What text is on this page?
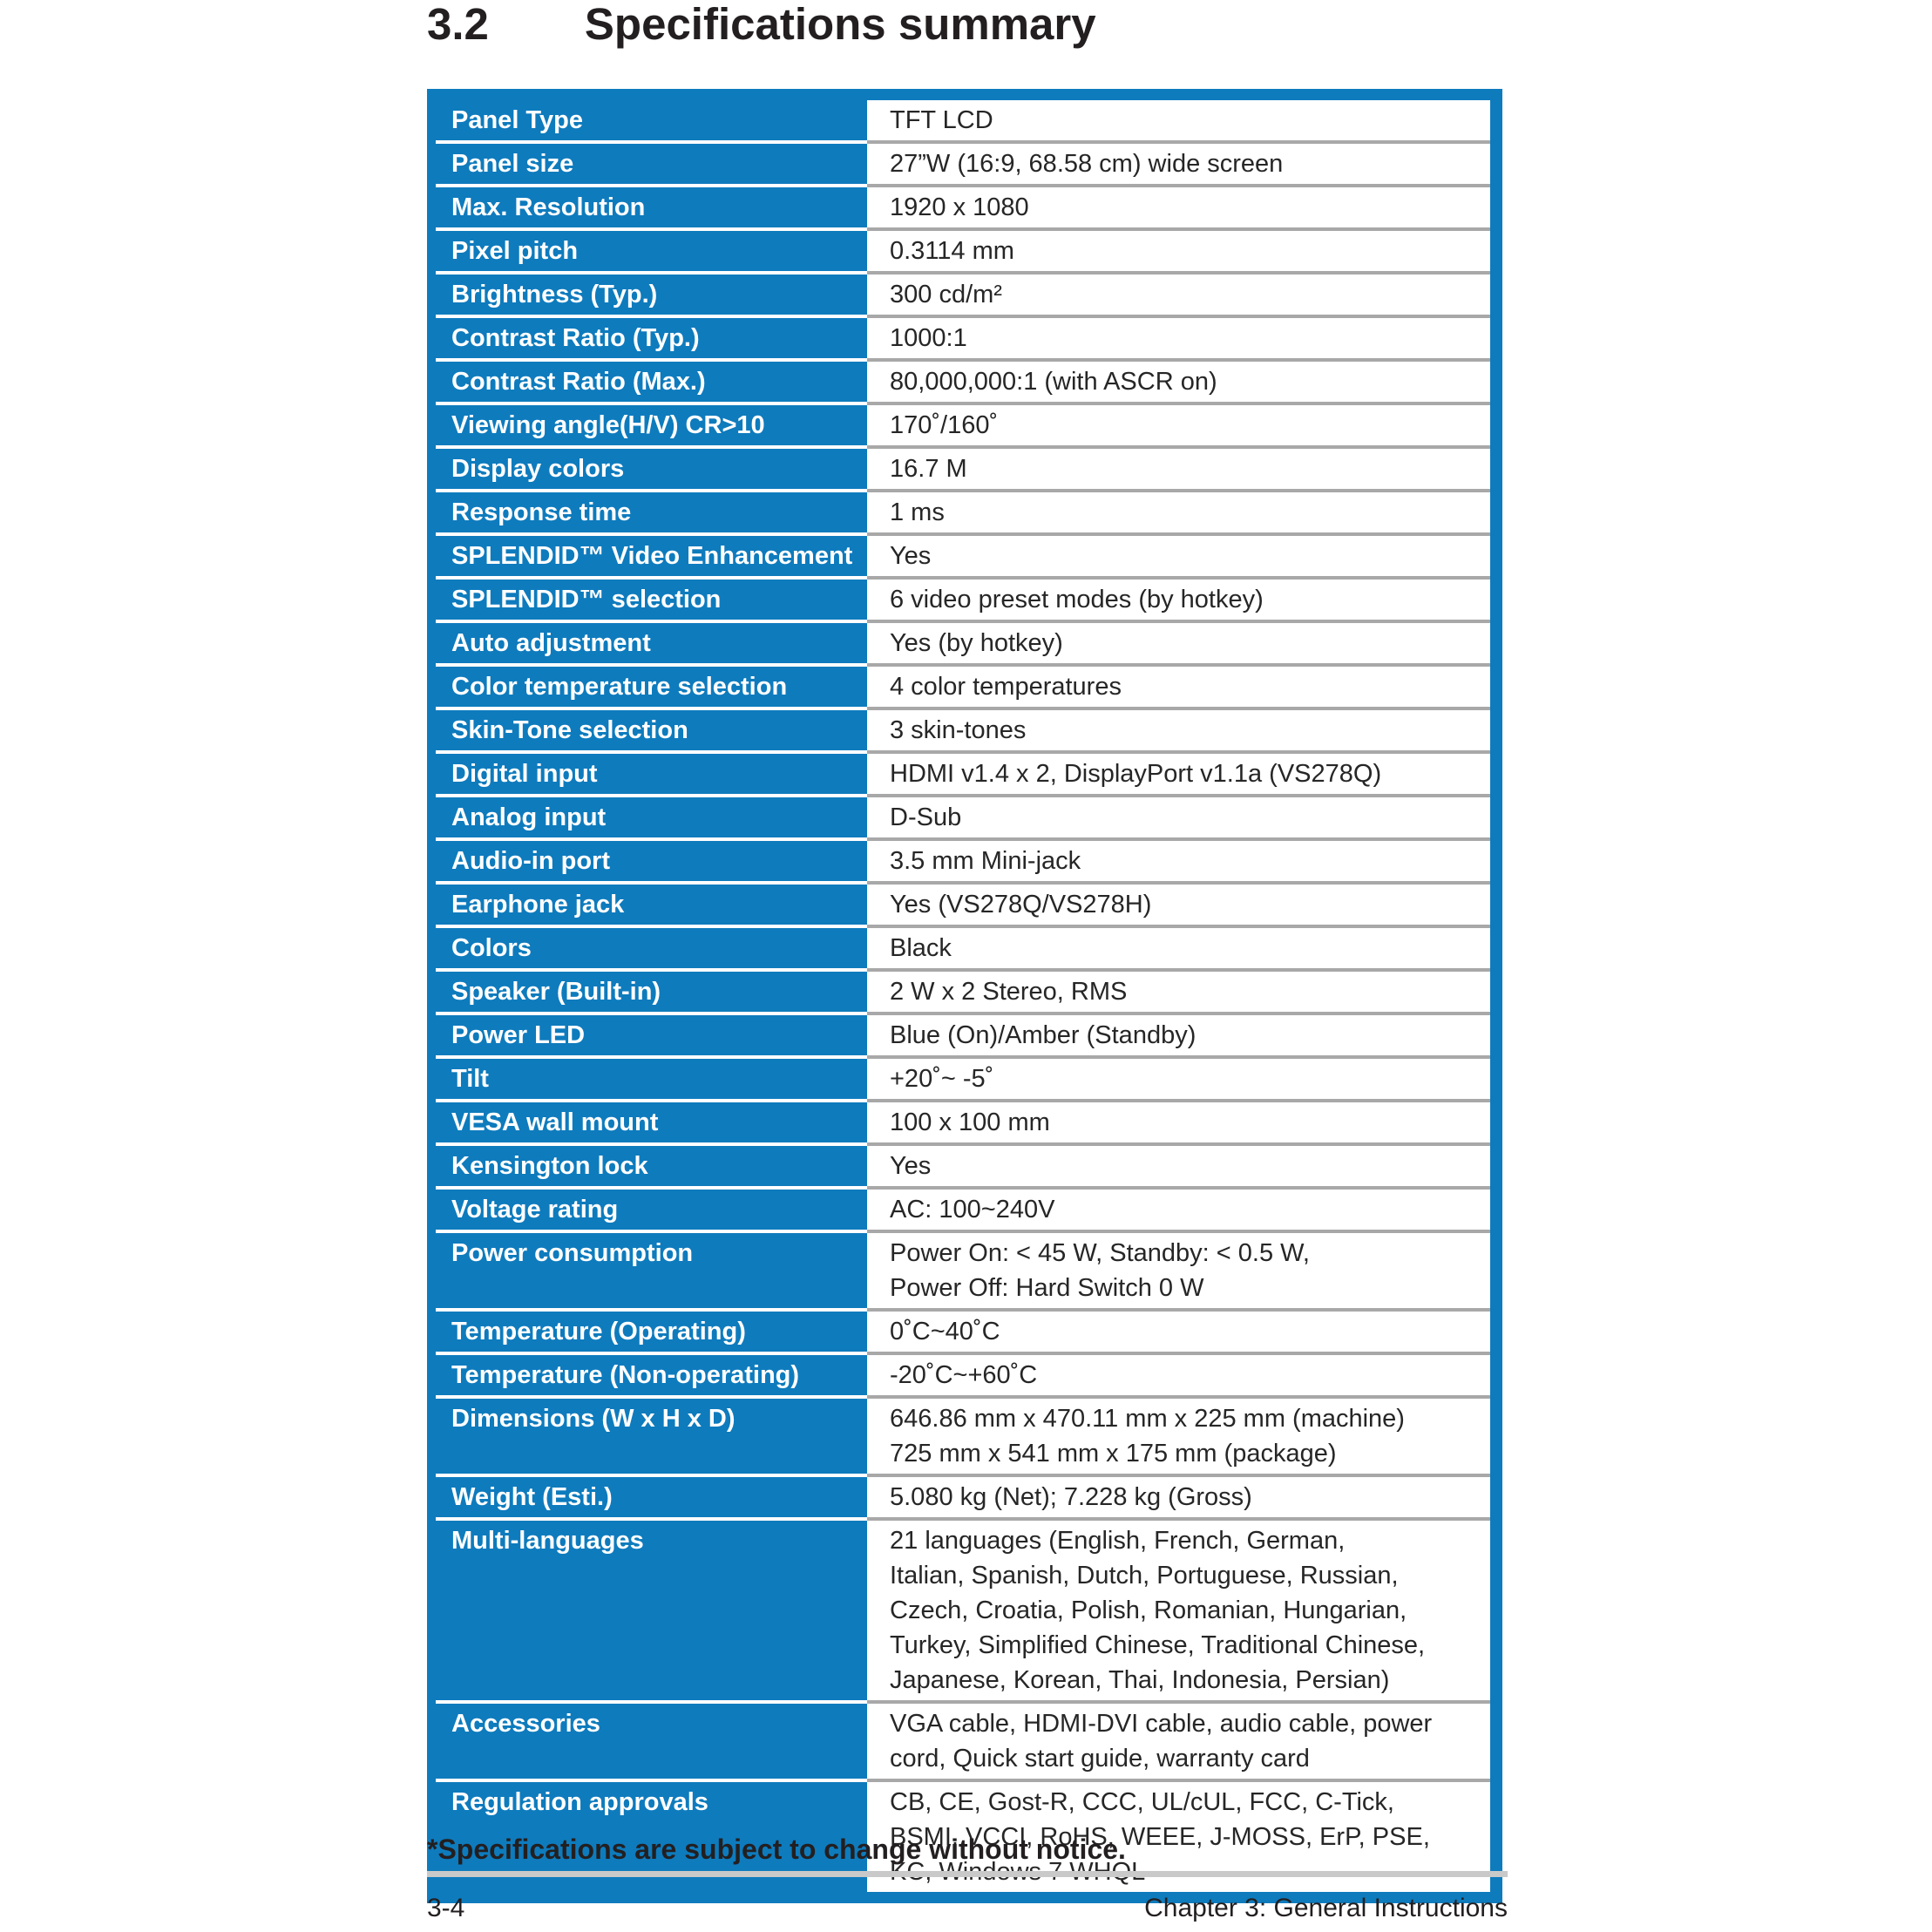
3.2 Specifications summary
Panel Type	TFT LCD

Panel size	27”W (16:9, 68.58 cm) wide screen

Max. Resolution	1920 x 1080

Pixel pitch	0.3114 mm

Brightness (Typ.)	300 cd/m²

Contrast Ratio (Typ.)	1000:1

Contrast Ratio (Max.)	80,000,000:1 (with ASCR on)

Viewing angle(H/V) CR>10	170˚/160˚

Display colors	16.7 M

Response time	1 ms

SPLENDID™ Video Enhancement	Yes

SPLENDID™ selection	6 video preset modes (by hotkey)

Auto adjustment	Yes (by hotkey)

Color temperature selection	4 color temperatures

Skin-Tone selection	3 skin-tones

Digital input	HDMI v1.4 x 2, DisplayPort v1.1a (VS278Q)

Analog input	D-Sub

Audio-in port	3.5 mm Mini-jack

Earphone jack	Yes (VS278Q/VS278H)

Colors	Black

Speaker (Built-in)	2 W x 2 Stereo, RMS

Power LED	Blue (On)/Amber (Standby)

Tilt	+20˚~ -5˚

VESA wall mount	100 x 100 mm

Kensington lock	Yes

Voltage rating	AC: 100~240V

Power consumption	Power On: < 45 W, Standby: < 0.5 W,
Power Off: Hard Switch 0 W

Temperature (Operating)	0˚C~40˚C

Temperature (Non-operating)	-20˚C~+60˚C

Dimensions (W x H x D)	646.86 mm x 470.11 mm x 225 mm (machine)
725 mm x 541 mm x 175 mm (package)

Weight (Esti.)	5.080 kg (Net); 7.228 kg (Gross)

Multi-languages	21 languages (English, French, German,
Italian, Spanish, Dutch, Portuguese, Russian,
Czech, Croatia, Polish, Romanian, Hungarian,
Turkey, Simplified Chinese, Traditional Chinese,
Japanese, Korean, Thai, Indonesia, Persian)

Accessories	VGA cable, HDMI-DVI cable, audio cable, power
cord, Quick start guide, warranty card

Regulation approvals	CB, CE, Gost-R, CCC, UL/cUL, FCC, C-Tick,
BSMI, VCCI, RoHS, WEEE, J-MOSS, ErP, PSE,

*Specifications are subject to change without notice.

3-4	Chapter 3: General Instructions
